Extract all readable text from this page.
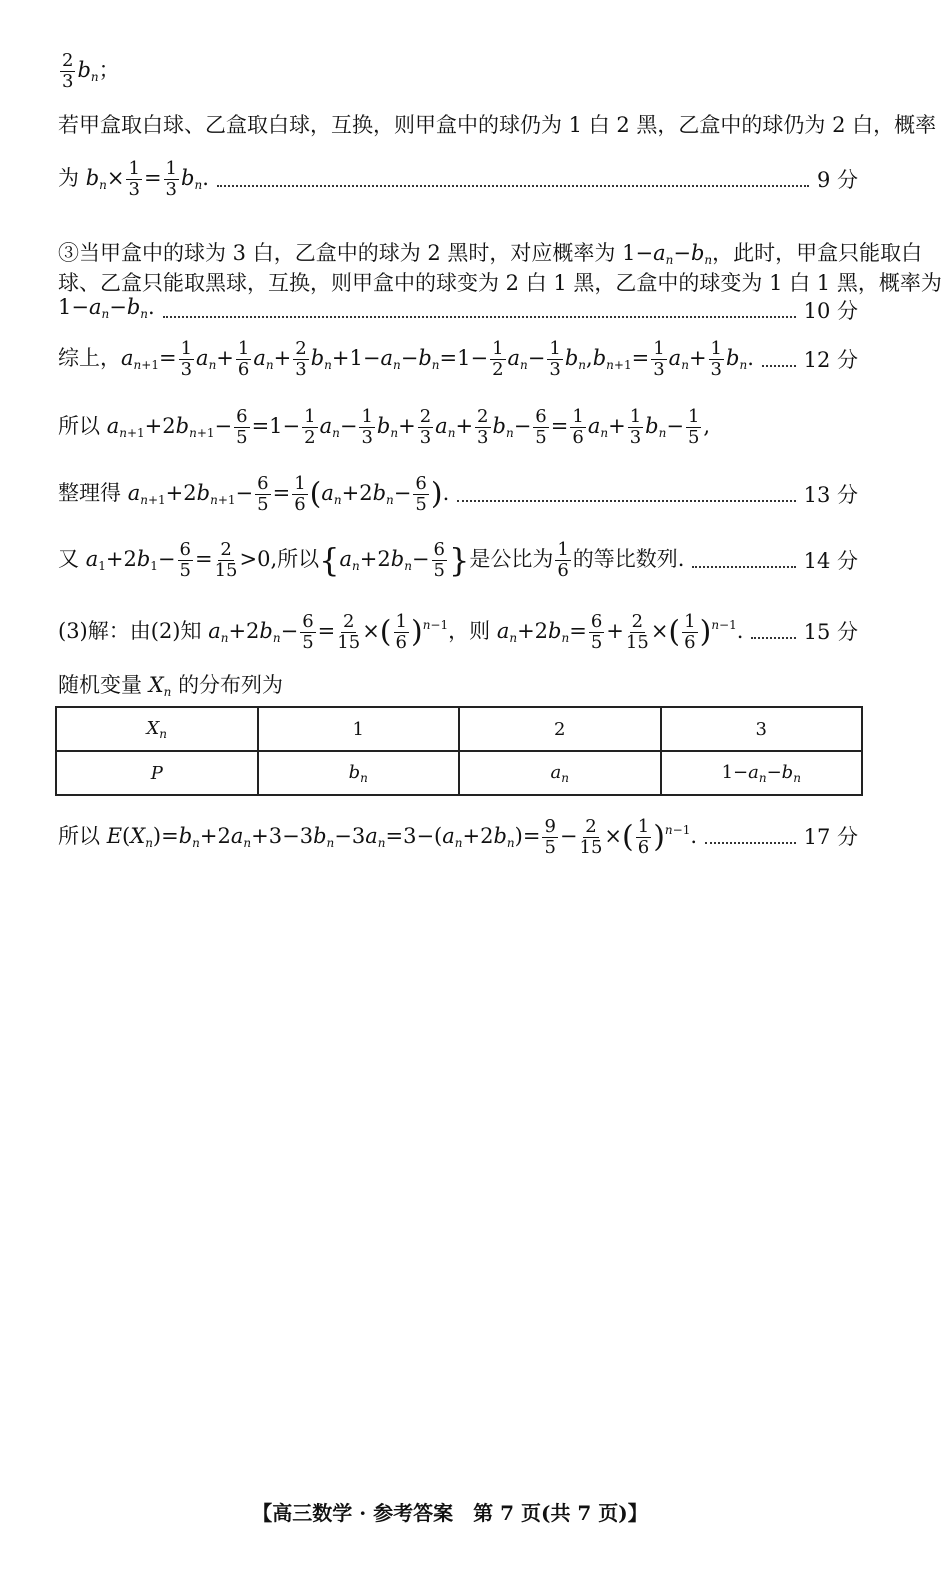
$\frac{2}{3} b_n$；
若甲盒取白球、乙盒取白球，互换，则甲盒中的球仍为 1 白 2 黑，乙盒中的球仍为 2 白，概率
为 $b_n\times \frac{1}{3} = \frac{1}{3} b_n$.	9 分
③当甲盒中的球为 3 白，乙盒中的球为 2 黑时，对应概率为 $1-a_n-b_n$，此时，甲盒只能取白
球、乙盒只能取黑球，互换，则甲盒中的球变为 2 白 1 黑，乙盒中的球变为 1 白 1 黑，概率为
$1-a_n-b_n$.	10 分
综上，$a_{n+1}= \frac{1}{3} a_n+ \frac{1}{6} a_n+ \frac{2}{3} b_n+1-a_n-b_n=1- \frac{1}{2} a_n- \frac{1}{3} b_n,b_{n+1}= \frac{1}{3} a_n+ \frac{1}{3} b_n$. 12 分
所以 $a_{n+1}+2b_{n+1}- \frac{6}{5} =1- \frac{1}{2} a_n- \frac{1}{3} b_n+ \frac{2}{3} a_n+ \frac{2}{3} b_n- \frac{6}{5} = \frac{1}{6} a_n+ \frac{1}{3} b_n- \frac{1}{5}$ ,
整理得 $a_{n+1}+2b_{n+1}- \frac{6}{5} = \frac{1}{6} (a_n+2b_n- \frac{6}{5}$ ).	13 分
又 $a_1+2b_1- \frac{6}{5} = \frac{2}{15} >0$,所以{$a_n+2b_n- \frac{6}{5}$ }是公比为 $\frac{1}{6}$ 的等比数列.	14 分
(3)解：由(2)知 $a_n+2b_n- \frac{6}{5} = \frac{2}{15}$ ×( $\frac{1}{6} )^{n-1}$，则 $a_n+2b_n= \frac{6}{5} + \frac{2}{15}$ ×( $\frac{1}{6} )^{n-1}$.	15 分
随机变量 $X_n$ 的分布列为
$X_n$	1	2	3
P	$b_n$	$a_n$	$1-a_n-b_n$
所以 $E(X_n)=b_n+2a_n+3-3b_n-3a_n=3-(a_n+2b_n)= \frac{9}{5} - \frac{2}{15}$ ×( $\frac{1}{6} )^{n-1}$.	17 分
【高三数学 · 参考答案　第 7 页(共 7 页)】
